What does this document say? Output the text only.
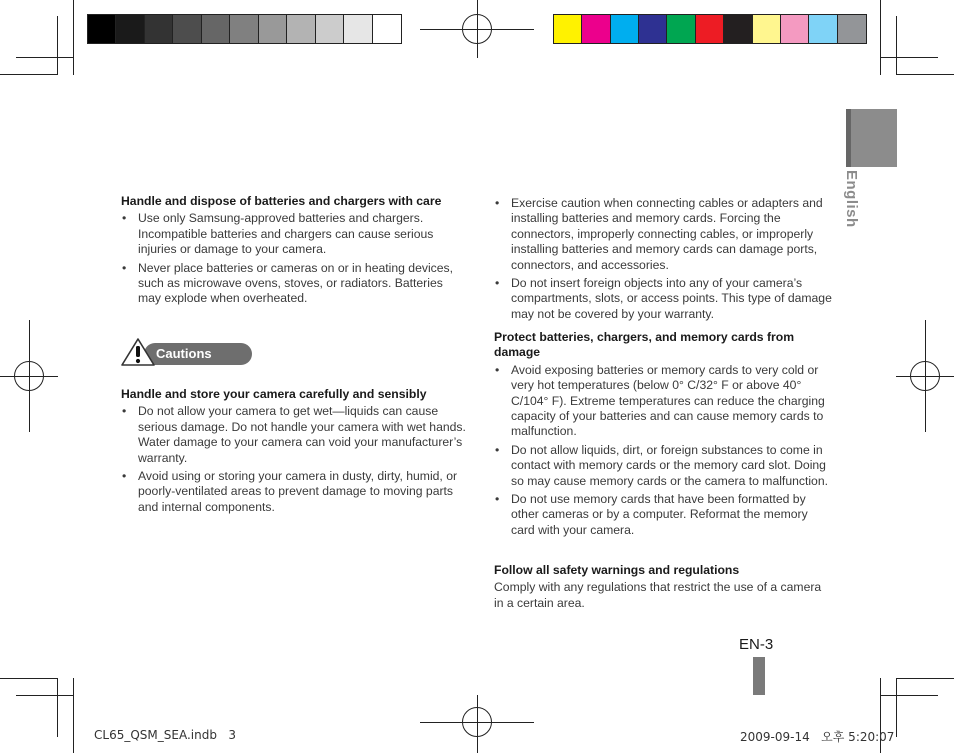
English

Handle and dispose of batteries and chargers with care

• Use only Samsung-approved batteries and chargers. Incompatible batteries and chargers can cause serious injuries or damage to your camera.
• Never place batteries or cameras on or in heating devices, such as microwave ovens, stoves, or radiators. Batteries may explode when overheated.
Cautions

Handle and store your camera carefully and sensibly

• Do not allow your camera to get wet—liquids can cause serious damage. Do not handle your camera with wet hands. Water damage to your camera can void your manufacturer’s warranty.
• Avoid using or storing your camera in dusty, dirty, humid, or poorly-ventilated areas to prevent damage to moving parts and internal components.
• Exercise caution when connecting cables or adapters and installing batteries and memory cards. Forcing the connectors, improperly connecting cables, or improperly installing batteries and memory cards can damage ports, connectors, and accessories.
• Do not insert foreign objects into any of your camera’s compartments, slots, or access points. This type of damage may not be covered by your warranty.

Protect batteries, chargers, and memory cards from damage

• Avoid exposing batteries or memory cards to very cold or very hot temperatures (below 0° C/32° F or above 40° C/104° F). Extreme temperatures can reduce the charging capacity of your batteries and can cause memory cards to malfunction.
• Do not allow liquids, dirt, or foreign substances to come in contact with memory cards or the memory card slot. Doing so may cause memory cards or the camera to malfunction.
• Do not use memory cards that have been formatted by other cameras or by a computer. Reformat the memory card with your camera.

Follow all safety warnings and regulations

Comply with any regulations that restrict the use of a camera in a certain area.

EN-3
CL65_QSM_SEA.indb   3	2009-09-14   오후 5:20:07
